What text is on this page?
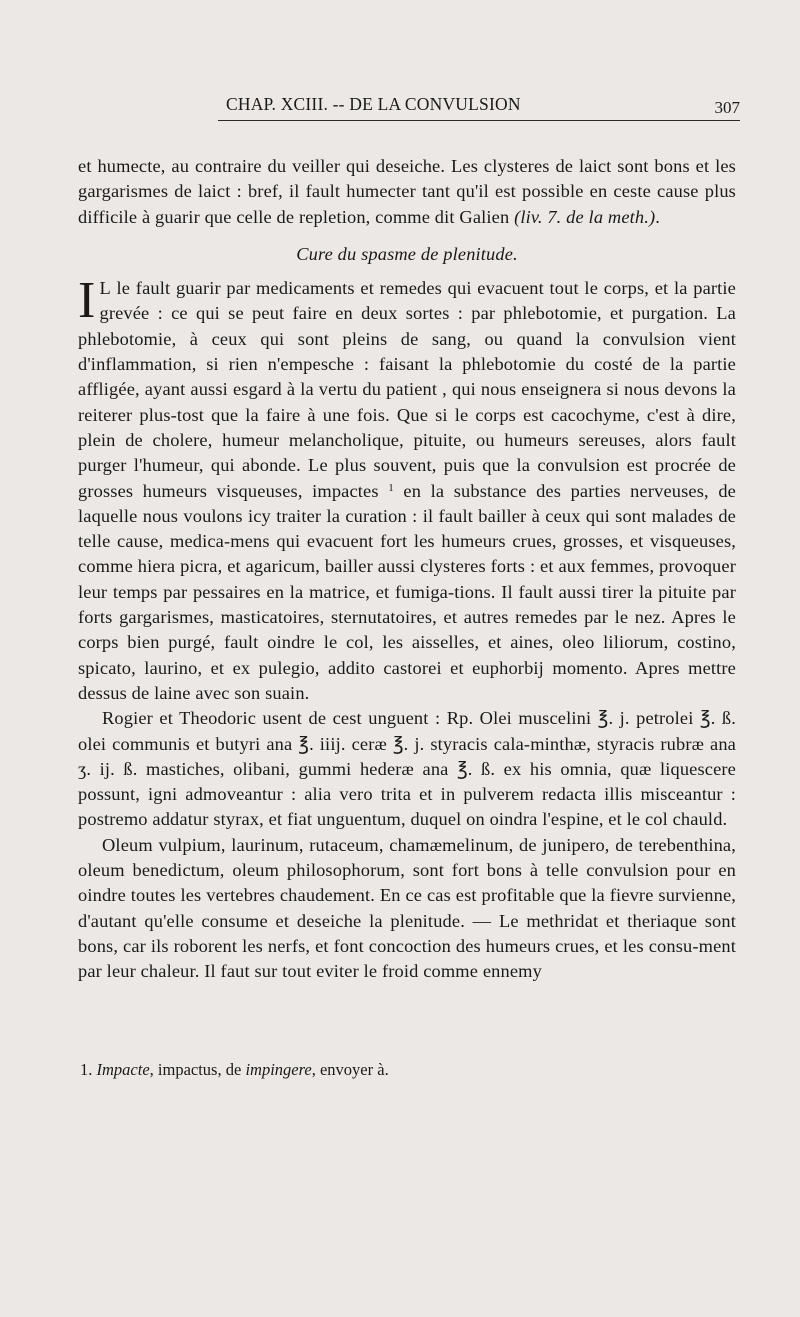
CHAP. XCIII. -- DE LA CONVULSION	307

et humecte, au contraire du veiller qui deseiche. Les clysteres de laict sont bons et les gargarismes de laict : bref, il fault humecter tant qu'il est possible en ceste cause plus difficile à guarir que celle de repletion, comme dit Galien (liv. 7. de la meth.).

Cure du spasme de plenitude.

I L le fault guarir par medicaments et remedes qui evacuent tout le corps, et la partie grevée : ce qui se peut faire en deux sortes : par phlebotomie, et purgation. La phlebotomie, à ceux qui sont pleins de sang, ou quand la convulsion vient d'inflammation, si rien n'empesche : faisant la phlebotomie du costé de la partie affligée, ayant aussi esgard à la vertu du patient , qui nous enseignera si nous devons la reiterer plus-tost que la faire à une fois. Que si le corps est cacochyme, c'est à dire, plein de cholere, humeur melancholique, pituite, ou humeurs sereuses, alors fault purger l'humeur, qui abonde. Le plus souvent, puis que la convulsion est procrée de grosses humeurs visqueuses, impactes $^1$ en la substance des parties nerveuses, de laquelle nous voulons icy traiter la curation : il fault bailler à ceux qui sont malades de telle cause, medica-mens qui evacuent fort les humeurs crues, grosses, et visqueuses, comme hiera picra, et agaricum, bailler aussi clysteres forts : et aux femmes, provoquer leur temps par pessaires en la matrice, et fumiga-tions. Il fault aussi tirer la pituite par forts gargarismes, masticatoires, sternutatoires, et autres remedes par le nez. Apres le corps bien purgé, fault oindre le col, les aisselles, et aines, oleo liliorum, costino, spicato, laurino, et ex pulegio, addito castorei et euphorbij momento. Apres mettre dessus de laine avec son suain.

Rogier et Theodoric usent de cest unguent : Rp. Olei muscelini ℥. j. petrolei ℥. ß. olei communis et butyri ana ℥. iiij. ceræ ℥. j. styracis cala-minthæ, styracis rubræ ana ʒ. ij. ß. mastiches, olibani, gummi hederæ ana ℥. ß. ex his omnia, quæ liquescere possunt, igni admoveantur : alia vero trita et in pulverem redacta illis misceantur : postremo addatur styrax, et fiat unguentum, duquel on oindra l'espine, et le col chauld.

Oleum vulpium, laurinum, rutaceum, chamæmelinum, de junipero, de terebenthina, oleum benedictum, oleum philosophorum, sont fort bons à telle convulsion pour en oindre toutes les vertebres chaudement. En ce cas est profitable que la fievre survienne, d'autant qu'elle consume et deseiche la plenitude. — Le methridat et theriaque sont bons, car ils roborent les nerfs, et font concoction des humeurs crues, et les consu-ment par leur chaleur. Il faut sur tout eviter le froid comme ennemy

1. Impacte, impactus, de impingere, envoyer à.
